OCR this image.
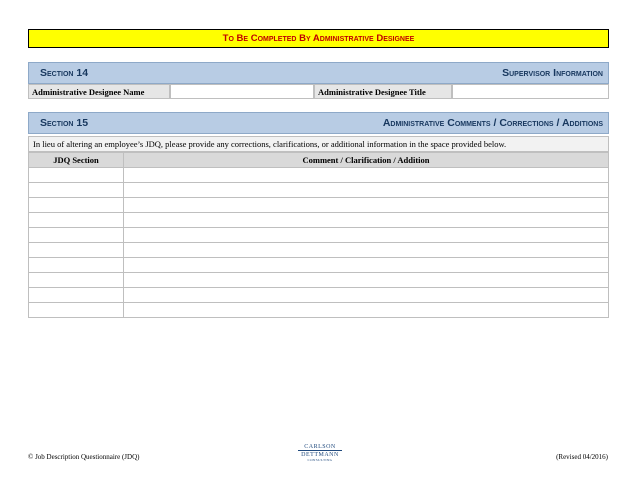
To Be Completed By Administrative Designee
Section 14	Supervisor Information
Administrative Designee Name	Administrative Designee Title
Section 15	Administrative Comments / Corrections / Additions
In lieu of altering an employee’s JDQ, please provide any corrections, clarifications, or additional information in the space provided below.
JDQ Section	Comment / Clarification / Addition

© Job Description Questionnaire (JDQ)
CARLSON
DETTMANN
CONSULTING	(Revised 04/2016)
